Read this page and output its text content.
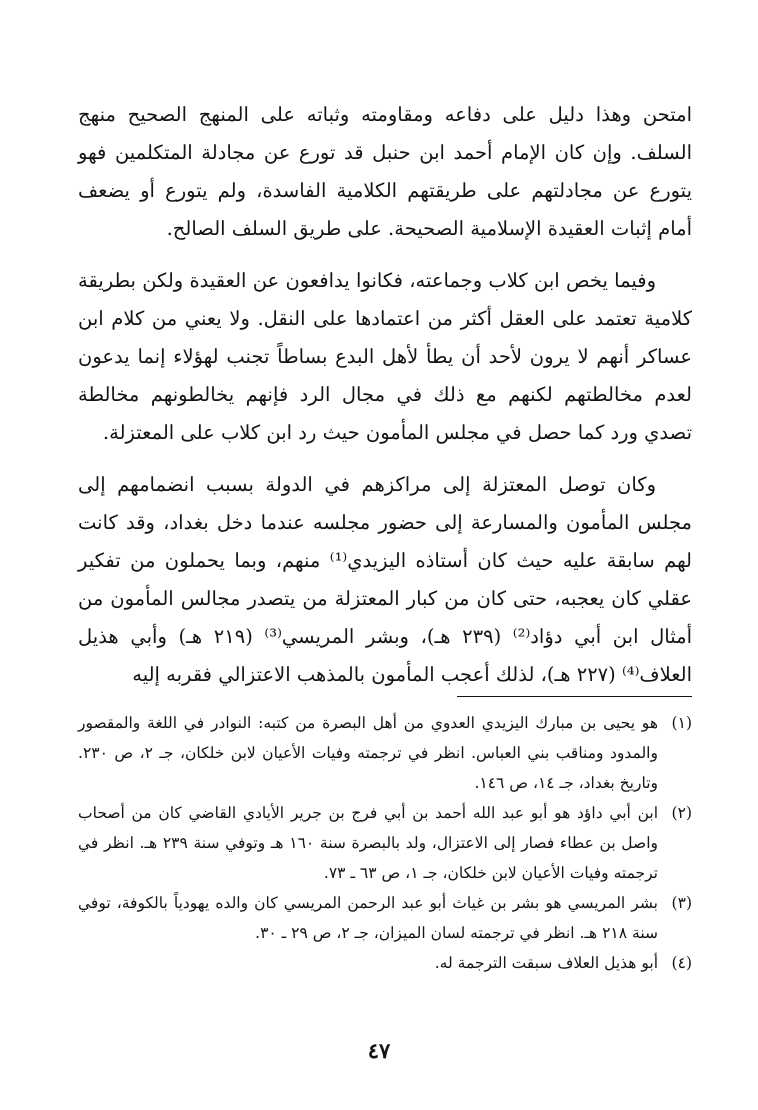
امتحن وهذا دليل على دفاعه ومقاومته وثباته على المنهج الصحيح منهج السلف. وإن كان الإمام أحمد ابن حنبل قد تورع عن مجادلة المتكلمين فهو يتورع عن مجادلتهم على طريقتهم الكلامية الفاسدة، ولم يتورع أو يضعف أمام إثبات العقيدة الإسلامية الصحيحة. على طريق السلف الصالح.

وفيما يخص ابن كلاب وجماعته، فكانوا يدافعون عن العقيدة ولكن بطريقة كلامية تعتمد على العقل أكثر من اعتمادها على النقل. ولا يعني من كلام ابن عساكر أنهم لا يرون لأحد أن يطأ لأهل البدع بساطاً تجنب لهؤلاء إنما يدعون لعدم مخالطتهم لكنهم مع ذلك في مجال الرد فإنهم يخالطونهم مخالطة تصدي ورد كما حصل في مجلس المأمون حيث رد ابن كلاب على المعتزلة.

وكان توصل المعتزلة إلى مراكزهم في الدولة بسبب انضمامهم إلى مجلس المأمون والمسارعة إلى حضور مجلسه عندما دخل بغداد، وقد كانت لهم سابقة عليه حيث كان أستاذه اليزيدي⁽¹⁾ منهم، وبما يحملون من تفكير عقلي كان يعجبه، حتى كان من كبار المعتزلة من يتصدر مجالس المأمون من أمثال ابن أبي دؤاد⁽²⁾ (٢٣٩ هـ)، وبشر المريسي⁽³⁾ (٢١٩ هـ) وأبي هذيل العلاف⁽⁴⁾ (٢٢٧ هـ)، لذلك أعجب المأمون بالمذهب الاعتزالي فقربه إليه

(١)
هو يحيى بن مبارك اليزيدي العدوي من أهل البصرة من كتبه: النوادر في اللغة والمقصور والمدود ومناقب بني العباس. انظر في ترجمته وفيات الأعيان لابن خلكان، جـ ٢، ص ٢٣٠. وتاريخ بغداد، جـ ١٤، ص ١٤٦.
(٢)
ابن أبي داؤد هو أبو عبد الله أحمد بن أبي فرج بن جرير الأيادي القاضي كان من أصحاب واصل بن عطاء فصار إلى الاعتزال، ولد بالبصرة سنة ١٦٠ هـ وتوفي سنة ٢٣٩ هـ. انظر في ترجمته وفيات الأعيان لابن خلكان، جـ ١، ص ٦٣ ـ ٧٣.
(٣)
بشر المريسي هو بشر بن غياث أبو عبد الرحمن المريسي كان والده يهودياً بالكوفة، توفي سنة ٢١٨ هـ. انظر في ترجمته لسان الميزان، جـ ٢، ص ٢٩ ـ ٣٠.
(٤)
أبو هذيل العلاف سبقت الترجمة له.
٤٧
